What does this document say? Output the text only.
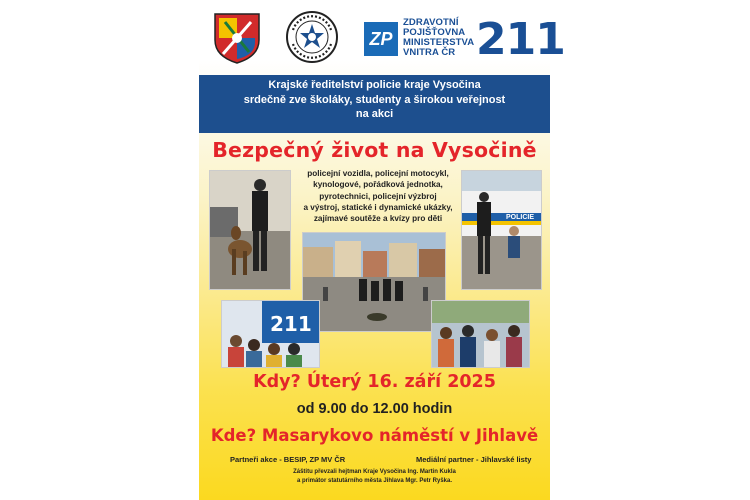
ZP
ZDRAVOTNÍ
POJIŠŤOVNA
MINISTERSTVA
VNITRA ČR 211
Krajské ředitelství policie kraje Vysočina
srdečně zve školáky, studenty a širokou veřejnost
na akci
Bezpečný život na Vysočině
POLICIE
211
policejní vozidla, policejní motocykl,
kynologové, pořádková jednotka,
pyrotechnici, policejní výzbroj
a výstroj, statické i dynamické ukázky,
zajímavé soutěže a kvízy pro děti
Kdy? Úterý 16. září 2025
od 9.00 do 12.00 hodin
Kde? Masarykovo náměstí v Jihlavě
Partneři akce - BESIP, ZP MV ČR	Mediální partner - Jihlavské listy
Záštitu převzali hejtman Kraje Vysočina Ing. Martin Kukla
a primátor statutárního města Jihlava Mgr. Petr Ryška.
